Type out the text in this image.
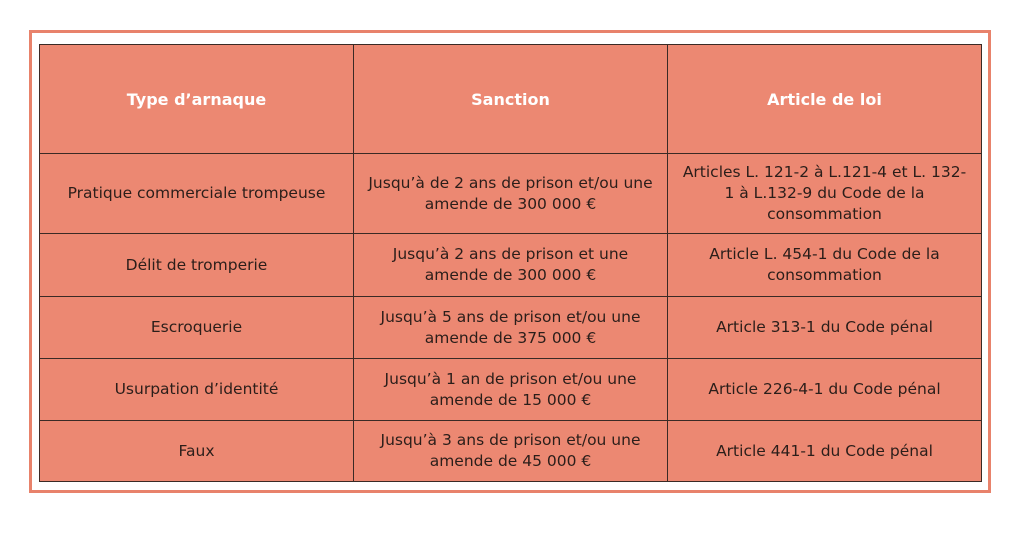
Type d’arnaque	Sanction	Article de loi
Pratique commerciale trompeuse	Jusqu’à de 2 ans de prison et/ou une amende de 300 000 €	Articles L. 121-2 à L.121-4 et L. 132-1 à L.132-9 du Code de la consommation
Délit de tromperie	Jusqu’à 2 ans de prison et une amende de 300 000 €	Article L. 454-1 du Code de la consommation
Escroquerie	Jusqu’à 5 ans de prison et/ou une amende de 375 000 €	Article 313-1 du Code pénal
Usurpation d’identité	Jusqu’à 1 an de prison et/ou une amende de 15 000 €	Article 226-4-1 du Code pénal
Faux	Jusqu’à 3 ans de prison et/ou une amende de 45 000 €	Article 441-1 du Code pénal
